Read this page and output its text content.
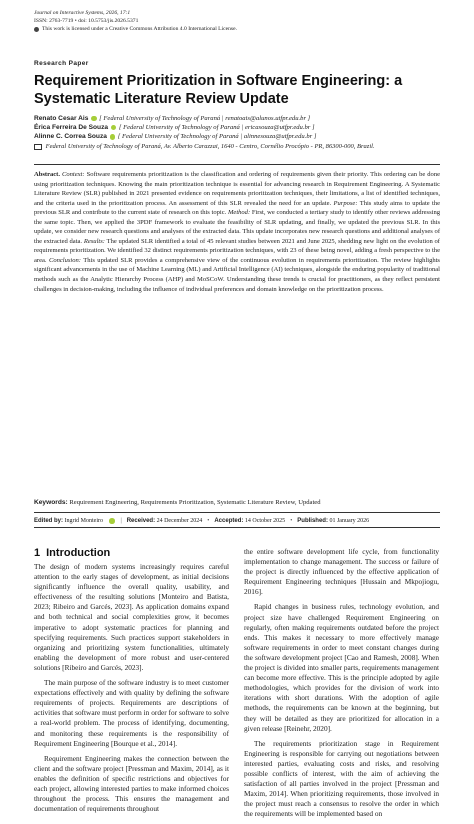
Journal on Interactive Systems, 2026, 17:1
ISSN: 2763-7719 • doi: 10.5753/jis.2026.5371
This work is licensed under a Creative Commons Attribution 4.0 International License.
Research Paper
Requirement Prioritization in Software Engineering: a Systematic Literature Review Update
Renato Cesar Ais [ Federal University of Technology of Paraná | renatoais@alunos.utfpr.edu.br ]
Érica Ferreira De Souza [ Federal University of Technology of Paraná | ericasouza@utfpr.edu.br ]
Alinne C. Correa Souza [ Federal University of Technology of Paraná | alinnesouza@utfpr.edu.br ]
Federal University of Technology of Paraná, Av. Alberto Carazzai, 1640 - Centro, Cornélio Procópio - PR, 86300-000, Brazil.
Abstract. Context: Software requirements prioritization is the classification and ordering of requirements given their priority. This ordering can be done using prioritization techniques. Knowing the main prioritization technique is essential for advancing research in Requirement Engineering. A Systematic Literature Review (SLR) published in 2021 presented evidence on requirements prioritization techniques, their limitations, a list of identified techniques, and the criteria used in the prioritization process. An assessment of this SLR revealed the need for an update. Purpose: This study aims to update the previous SLR and contribute to the current state of research on this topic. Method: First, we conducted a tertiary study to identify other reviews addressing the same topic. Then, we applied the 3PDF framework to evaluate the feasibility of SLR updating, and finally, we updated the previous SLR. In this update, we consider new research questions and analyses of the extracted data. This update incorporates new research questions and additional analyses of the extracted data. Results: The updated SLR identified a total of 45 relevant studies between 2021 and June 2025, shedding new light on the evolution of requirements prioritization. We identified 32 distinct requirements prioritization techniques, with 23 of these being novel, adding a fresh perspective to the area. Conclusion: This updated SLR provides a comprehensive view of the continuous evolution in requirements prioritization. The review highlights significant advancements in the use of Machine Learning (ML) and Artificial Intelligence (AI) techniques, alongside the enduring popularity of traditional methods such as the Analytic Hierarchy Process (AHP) and MoSCoW. Understanding these trends is crucial for practitioners, as they reflect persistent challenges in decision-making, including the influence of individual preferences and domain knowledge on the prioritization process.
Keywords: Requirement Engineering, Requirements Prioritization, Systematic Literature Review, Updated
Edited by: Ingrid Monteiro	| Received: 24 December 2024 • Accepted: 14 October 2025 • Published: 01 January 2026
1 Introduction

The design of modern systems increasingly requires careful attention to the early stages of development, as initial decisions significantly influence the overall quality, usability, and effectiveness of the resulting solutions [Monteiro and Batista, 2023; Ribeiro and Garcés, 2023]. As application domains expand and both technical and social complexities grow, it becomes imperative to adopt systematic practices for planning and specifying requirements. Such practices support stakeholders in organizing and prioritizing system functionalities, ultimately enabling the development of more robust and user-centered solutions [Ribeiro and Garcés, 2023].

The main purpose of the software industry is to meet customer expectations effectively and with quality by defining the software requirements of projects. Requirements are descriptions of activities that software must perform in order for software to solve a real-world problem. The process of identifying, documenting, and monitoring these requirements is the responsibility of Requirement Engineering [Bourque et al., 2014].

Requirement Engineering makes the connection between the client and the software project [Pressman and Maxim, 2014], as it enables the definition of specific restrictions and objectives for each project, allowing interested parties to make informed choices throughout the process. This ensures the management and documentation of requirements throughout

the entire software development life cycle, from functionality implementation to change management. The success or failure of the project is directly influenced by the effective application of Requirement Engineering techniques [Hussain and Mkpojiogu, 2016].

Rapid changes in business rules, technology evolution, and project size have challenged Requirement Engineering on regularly, often making requirements outdated before the project ends. This makes it necessary to more effectively manage software requirements in order to meet constant changes during the software development project [Cao and Ramesh, 2008]. When the project is divided into smaller parts, requirements management can become more effective. This is the principle adopted by agile methodologies, which provides for the division of work into iterations with short durations. With the adoption of agile methods, the requirements can be known at the beginning, but they will be detailed as they are prioritized for allocation in a given release [Reinehr, 2020].

The requirements prioritization stage in Requirement Engineering is responsible for carrying out negotiations between interested parties, evaluating costs and risks, and resolving possible conflicts of interest, with the aim of achieving the satisfaction of all parties involved in the project [Pressman and Maxim, 2014]. When prioritizing requirements, those involved in the project must reach a consensus to resolve the order in which the requirements will be implemented based on
